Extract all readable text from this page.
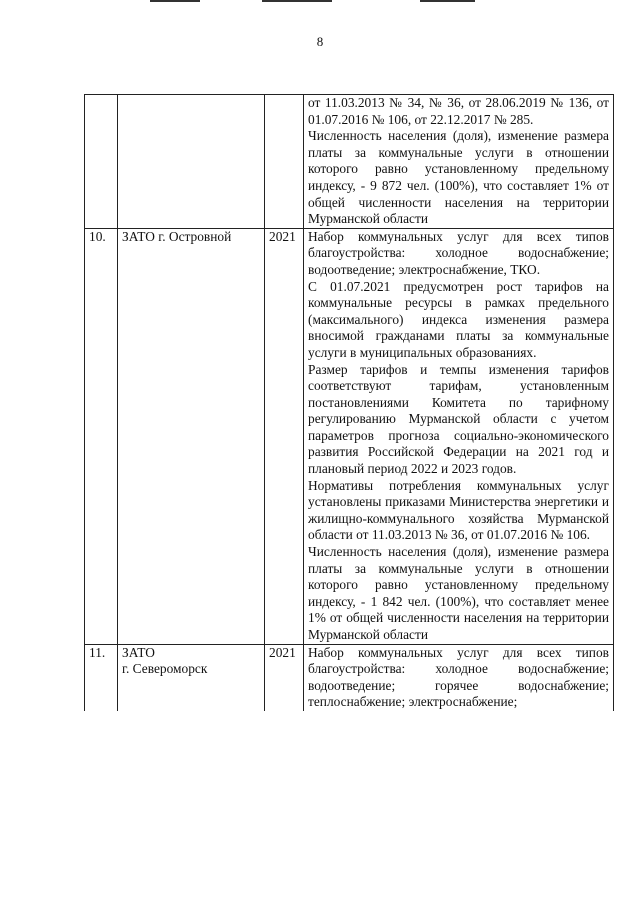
8

			от 11.03.2013 № 34, № 36, от 28.06.2019 № 136, от 01.07.2016 № 106, от 22.12.2017 № 285.

Численность населения (доля), изменение размера платы за коммунальные услуги в отношении которого равно установленному предельному индексу, - 9 872 чел. (100%), что составляет 1% от общей численности населения на территории Мурманской области

10.	ЗАТО г. Островной	2021	Набор коммунальных услуг для всех типов благоустройства: холодное водоснабжение; водоотведение; электроснабжение, ТКО.

С 01.07.2021 предусмотрен рост тарифов на коммунальные ресурсы в рамках предельного (максимального) индекса изменения размера вносимой гражданами платы за коммунальные услуги в муниципальных образованиях.

Размер тарифов и темпы изменения тарифов соответствуют тарифам, установленным постановлениями Комитета по тарифному регулированию Мурманской области с учетом параметров прогноза социально-экономического развития Российской Федерации на 2021 год и плановый период 2022 и 2023 годов.

Нормативы потребления коммунальных услуг установлены приказами Министерства энергетики и жилищно-коммунального хозяйства Мурманской области от 11.03.2013 № 36, от 01.07.2016 № 106.

Численность населения (доля), изменение размера платы за коммунальные услуги в отношении которого равно установленному предельному индексу, - 1 842 чел. (100%), что составляет менее 1% от общей численности населения на территории Мурманской области

11.	ЗАТО
г. Североморск	2021	Набор коммунальных услуг для всех типов благоустройства: холодное водоснабжение; водоотведение; горячее водоснабжение; теплоснабжение; электроснабжение;
